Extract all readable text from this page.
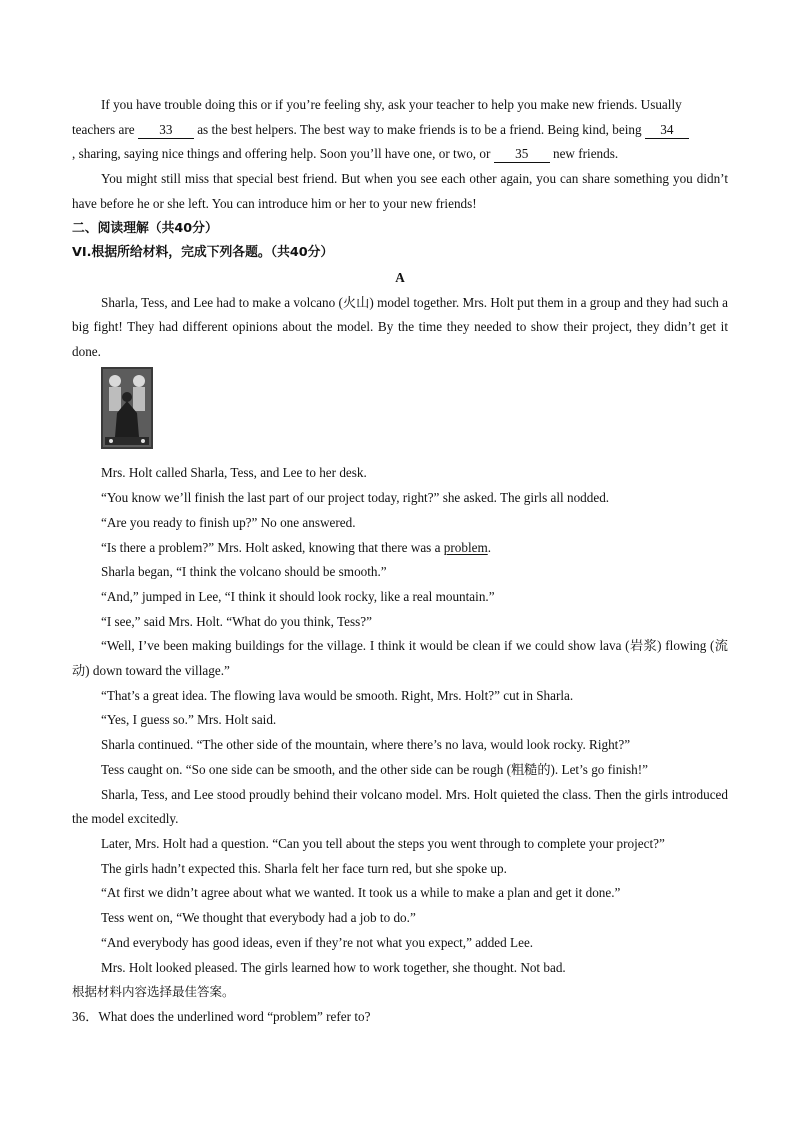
If you have trouble doing this or if you’re feeling shy, ask your teacher to help you make new friends. Usually

teachers are 33 as the best helpers. The best way to make friends is to be a friend. Being kind, being 34

, sharing, saying nice things and offering help. Soon you’ll have one, or two, or 35 new friends.

You might still miss that special best friend. But when you see each other again, you can share something you didn’t have before he or she left. You can introduce him or her to your new friends!

二、阅读理解（共40分）

VI.根据所给材料，完成下列各题。（共40分）

A

Sharla, Tess, and Lee had to make a volcano (火山) model together. Mrs. Holt put them in a group and they had such a big fight! They had different opinions about the model. By the time they needed to show their project, they didn’t get it done.

Mrs. Holt called Sharla, Tess, and Lee to her desk.

“You know we’ll finish the last part of our project today, right?” she asked. The girls all nodded.

“Are you ready to finish up?” No one answered.

“Is there a problem?” Mrs. Holt asked, knowing that there was a problem.

Sharla began, “I think the volcano should be smooth.”

“And,” jumped in Lee, “I think it should look rocky, like a real mountain.”

“I see,” said Mrs. Holt. “What do you think, Tess?”

“Well, I’ve been making buildings for the village. I think it would be clean if we could show lava (岩浆) flowing (流动) down toward the village.”

“That’s a great idea. The flowing lava would be smooth. Right, Mrs. Holt?” cut in Sharla.

“Yes, I guess so.” Mrs. Holt said.

Sharla continued. “The other side of the mountain, where there’s no lava, would look rocky. Right?”

Tess caught on. “So one side can be smooth, and the other side can be rough (粗糙的). Let’s go finish!”

Sharla, Tess, and Lee stood proudly behind their volcano model. Mrs. Holt quieted the class. Then the girls introduced the model excitedly.

Later, Mrs. Holt had a question. “Can you tell about the steps you went through to complete your project?”

The girls hadn’t expected this. Sharla felt her face turn red, but she spoke up.

“At first we didn’t agree about what we wanted. It took us a while to make a plan and get it done.”

Tess went on, “We thought that everybody had a job to do.”

“And everybody has good ideas, even if they’re not what you expect,” added Lee.

Mrs. Holt looked pleased. The girls learned how to work together, she thought. Not bad.

根据材料内容选择最佳答案。

36．What does the underlined word “problem” refer to?
